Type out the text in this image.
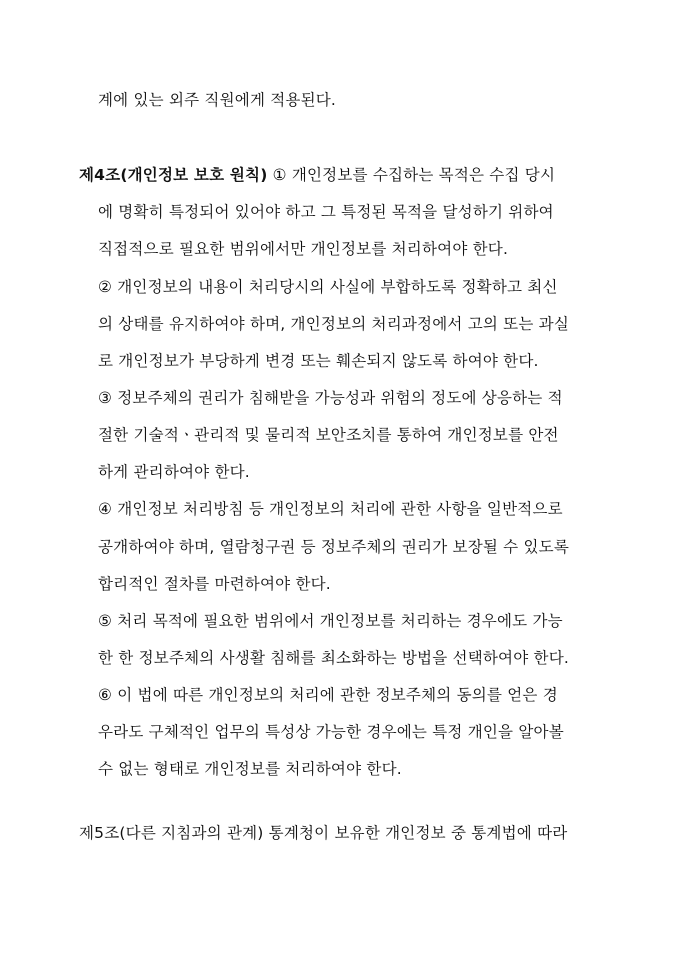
계에 있는 외주 직원에게 적용된다.
제4조(개인정보 보호 원칙) ① 개인정보를 수집하는 목적은 수집 당시
에 명확히 특정되어 있어야 하고 그 특정된 목적을 달성하기 위하여
직접적으로 필요한 범위에서만 개인정보를 처리하여야 한다.
② 개인정보의 내용이 처리당시의 사실에 부합하도록 정확하고 최신
의 상태를 유지하여야 하며, 개인정보의 처리과정에서 고의 또는 과실
로 개인정보가 부당하게 변경 또는 훼손되지 않도록 하여야 한다.
③ 정보주체의 권리가 침해받을 가능성과 위험의 정도에 상응하는 적
절한 기술적ㆍ관리적 및 물리적 보안조치를 통하여 개인정보를 안전
하게 관리하여야 한다.
④ 개인정보 처리방침 등 개인정보의 처리에 관한 사항을 일반적으로
공개하여야 하며, 열람청구권 등 정보주체의 권리가 보장될 수 있도록
합리적인 절차를 마련하여야 한다.
⑤ 처리 목적에 필요한 범위에서 개인정보를 처리하는 경우에도 가능
한 한 정보주체의 사생활 침해를 최소화하는 방법을 선택하여야 한다.
⑥ 이 법에 따른 개인정보의 처리에 관한 정보주체의 동의를 얻은 경
우라도 구체적인 업무의 특성상 가능한 경우에는 특정 개인을 알아볼
수 없는 형태로 개인정보를 처리하여야 한다.
제5조(다른 지침과의 관계) 통계청이 보유한 개인정보 중 통계법에 따라
